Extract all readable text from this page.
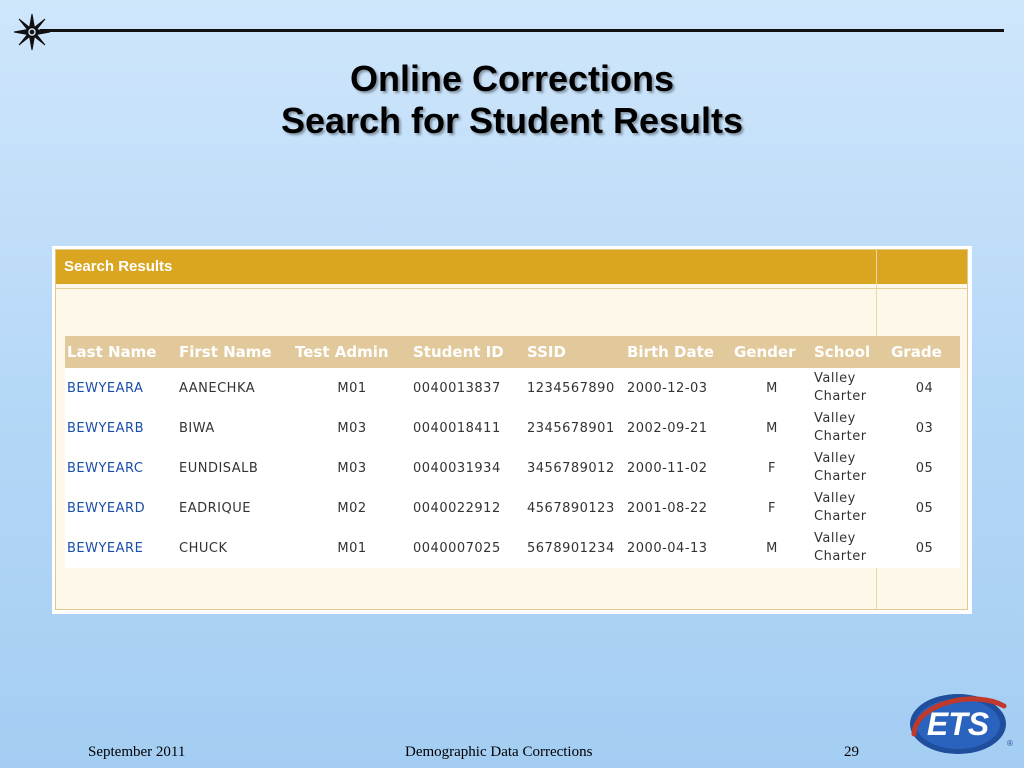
Online Corrections
Search for Student Results
Search Results
Last Name	First Name	Test Admin	Student ID	SSID	Birth Date	Gender	School	Grade
BEWYEARA	AANECHKA	M01	0040013837	1234567890	2000-12-03	M	Valley Charter	04
BEWYEARB	BIWA	M03	0040018411	2345678901	2002-09-21	M	Valley Charter	03
BEWYEARC	EUNDISALB	M03	0040031934	3456789012	2000-11-02	F	Valley Charter	05
BEWYEARD	EADRIQUE	M02	0040022912	4567890123	2001-08-22	F	Valley Charter	05
BEWYEARE	CHUCK	M01	0040007025	5678901234	2000-04-13	M	Valley Charter	05
September 2011	Demographic Data Corrections	29
ETS
®
